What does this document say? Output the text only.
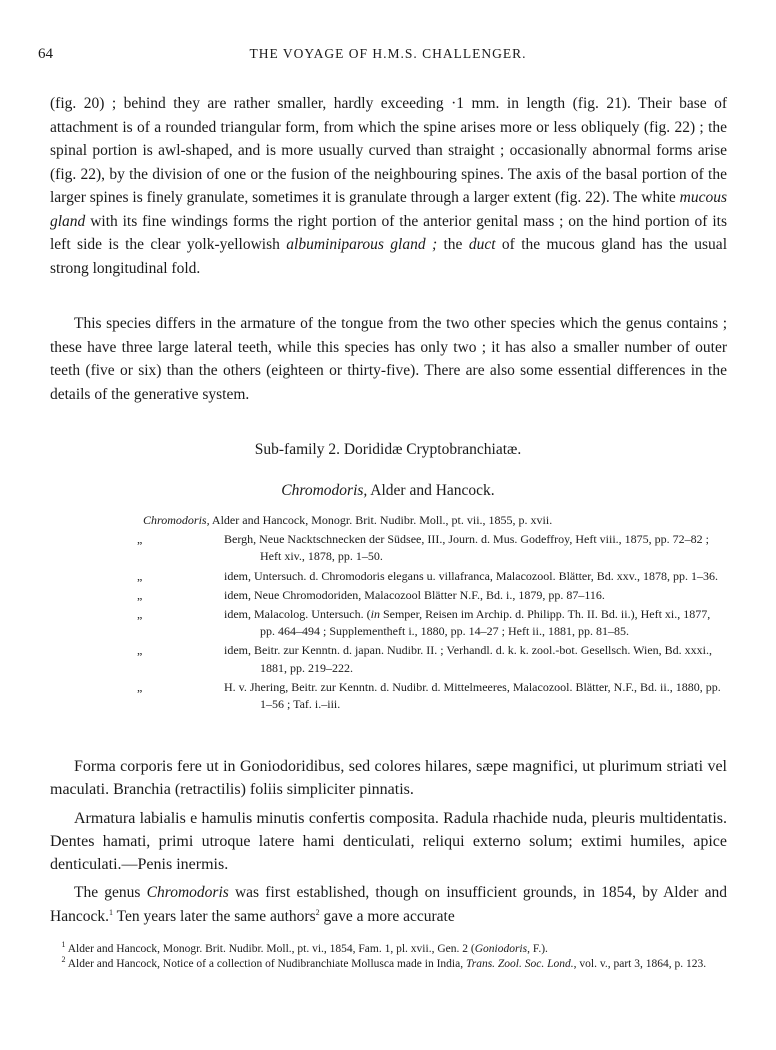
64	THE VOYAGE OF H.M.S. CHALLENGER.

(fig. 20) ; behind they are rather smaller, hardly exceeding ·1 mm. in length (fig. 21). Their base of attachment is of a rounded triangular form, from which the spine arises more or less obliquely (fig. 22) ; the spinal portion is awl-shaped, and is more usually curved than straight ; occasionally abnormal forms arise (fig. 22), by the division of one or the fusion of the neighbouring spines. The axis of the basal portion of the larger spines is finely granulate, sometimes it is granulate through a larger extent (fig. 22). The white mucous gland with its fine windings forms the right portion of the anterior genital mass ; on the hind portion of its left side is the clear yolk-yellowish albuminiparous gland ; the duct of the mucous gland has the usual strong longitudinal fold.

This species differs in the armature of the tongue from the two other species which the genus contains ; these have three large lateral teeth, while this species has only two ; it has also a smaller number of outer teeth (five or six) than the others (eighteen or thirty-five). There are also some essential differences in the details of the generative system.

Sub-family 2. Dorididæ Cryptobranchiatæ.
Chromodoris, Alder and Hancock.

Chromodoris, Alder and Hancock, Monogr. Brit. Nudibr. Moll., pt. vii., 1855, p. xvii.

„	Bergh, Neue Nacktschnecken der Südsee, III., Journ. d. Mus. Godeffroy, Heft viii., 1875, pp. 72–82 ; Heft xiv., 1878, pp. 1–50.

„	idem, Untersuch. d. Chromodoris elegans u. villafranca, Malacozool. Blätter, Bd. xxv., 1878, pp. 1–36.

„	idem, Neue Chromodoriden, Malacozool Blätter N.F., Bd. i., 1879, pp. 87–116.

„	idem, Malacolog. Untersuch. (in Semper, Reisen im Archip. d. Philipp. Th. II. Bd. ii.), Heft xi., 1877, pp. 464–494 ; Supplementheft i., 1880, pp. 14–27 ; Heft ii., 1881, pp. 81–85.

„	idem, Beitr. zur Kenntn. d. japan. Nudibr. II. ; Verhandl. d. k. k. zool.-bot. Gesellsch. Wien, Bd. xxxi., 1881, pp. 219–222.

„	H. v. Jhering, Beitr. zur Kenntn. d. Nudibr. d. Mittelmeeres, Malacozool. Blätter, N.F., Bd. ii., 1880, pp. 1–56 ; Taf. i.–iii.

Forma corporis fere ut in Goniodoridibus, sed colores hilares, sæpe magnifici, ut plurimum striati vel maculati. Branchia (retractilis) foliis simpliciter pinnatis.

Armatura labialis e hamulis minutis confertis composita. Radula rhachide nuda, pleuris multidentatis. Dentes hamati, primi utroque latere hami denticulati, reliqui externo solum; extimi humiles, apice denticulati.—Penis inermis.

The genus Chromodoris was first established, though on insufficient grounds, in 1854, by Alder and Hancock.$^1$ Ten years later the same authors$^2$ gave a more accurate

$^1$ Alder and Hancock, Monogr. Brit. Nudibr. Moll., pt. vi., 1854, Fam. 1, pl. xvii., Gen. 2 (Goniodoris, F.).

$^2$ Alder and Hancock, Notice of a collection of Nudibranchiate Mollusca made in India, Trans. Zool. Soc. Lond., vol. v., part 3, 1864, p. 123.
